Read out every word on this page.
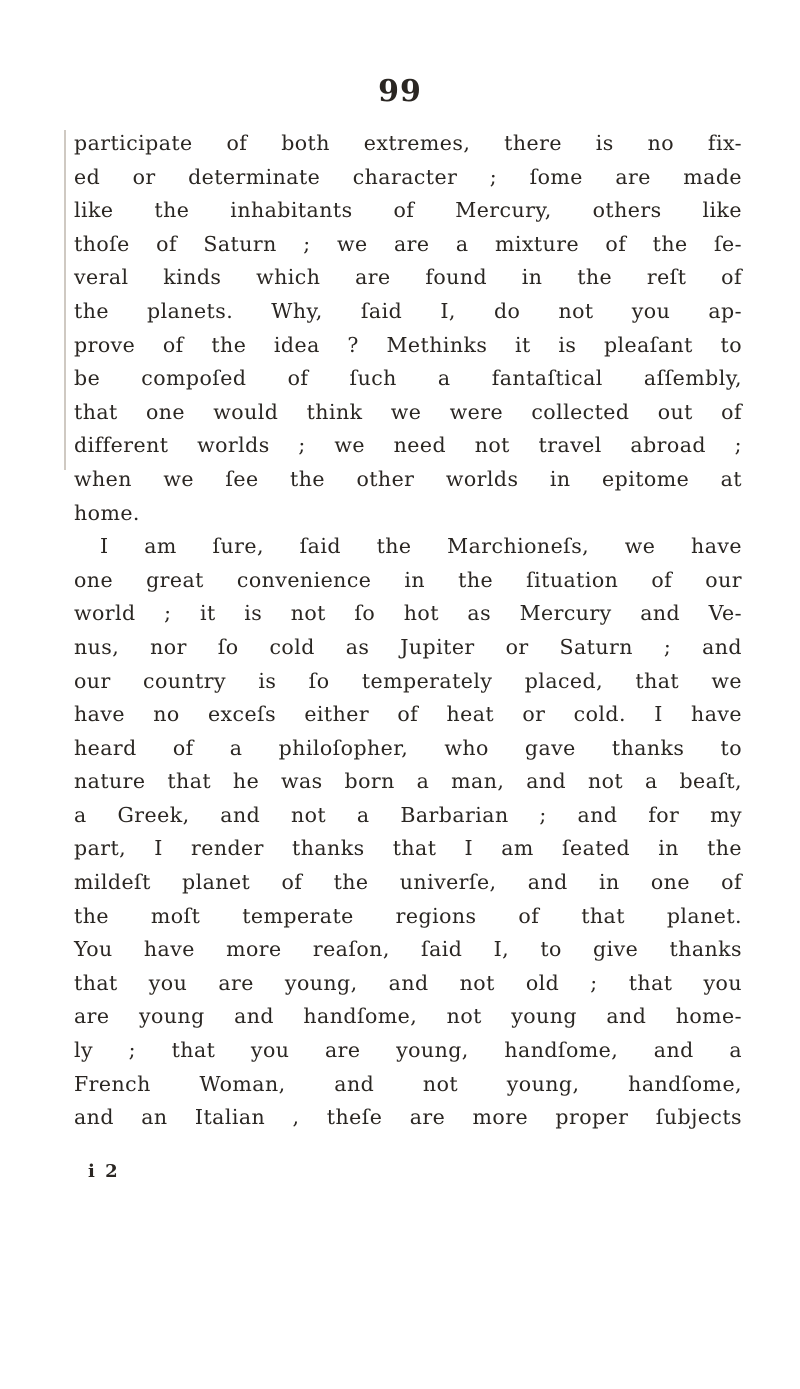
99
participate of both extremes, there is no fix-
ed or determinate character ; ſome are made
like the inhabitants of Mercury, others like
thoſe of Saturn ; we are a mixture of the ſe-
veral kinds which are found in the reſt of
the planets. Why, ſaid I, do not you ap-
prove of the idea ? Methinks it is pleaſant to
be compoſed of ſuch a fantaſtical aſſembly,
that one would think we were collected out of
different worlds ; we need not travel abroad ;
when we ſee the other worlds in epitome at
home.
I am ſure, ſaid the Marchioneſs, we have
one great convenience in the ſituation of our
world ; it is not ſo hot as Mercury and Ve-
nus, nor ſo cold as Jupiter or Saturn ; and
our country is ſo temperately placed, that we
have no exceſs either of heat or cold. I have
heard of a philoſopher, who gave thanks to
nature that he was born a man, and not a beaſt,
a Greek, and not a Barbarian ; and for my
part, I render thanks that I am ſeated in the
mildeſt planet of the univerſe, and in one of
the moſt temperate regions of that planet.
You have more reaſon, ſaid I, to give thanks
that you are young, and not old ; that you
are young and handſome, not young and home-
ly ; that you are young, handſome, and a
French Woman, and not young, handſome,
and an Italian , theſe are more proper ſubjects
i 2
